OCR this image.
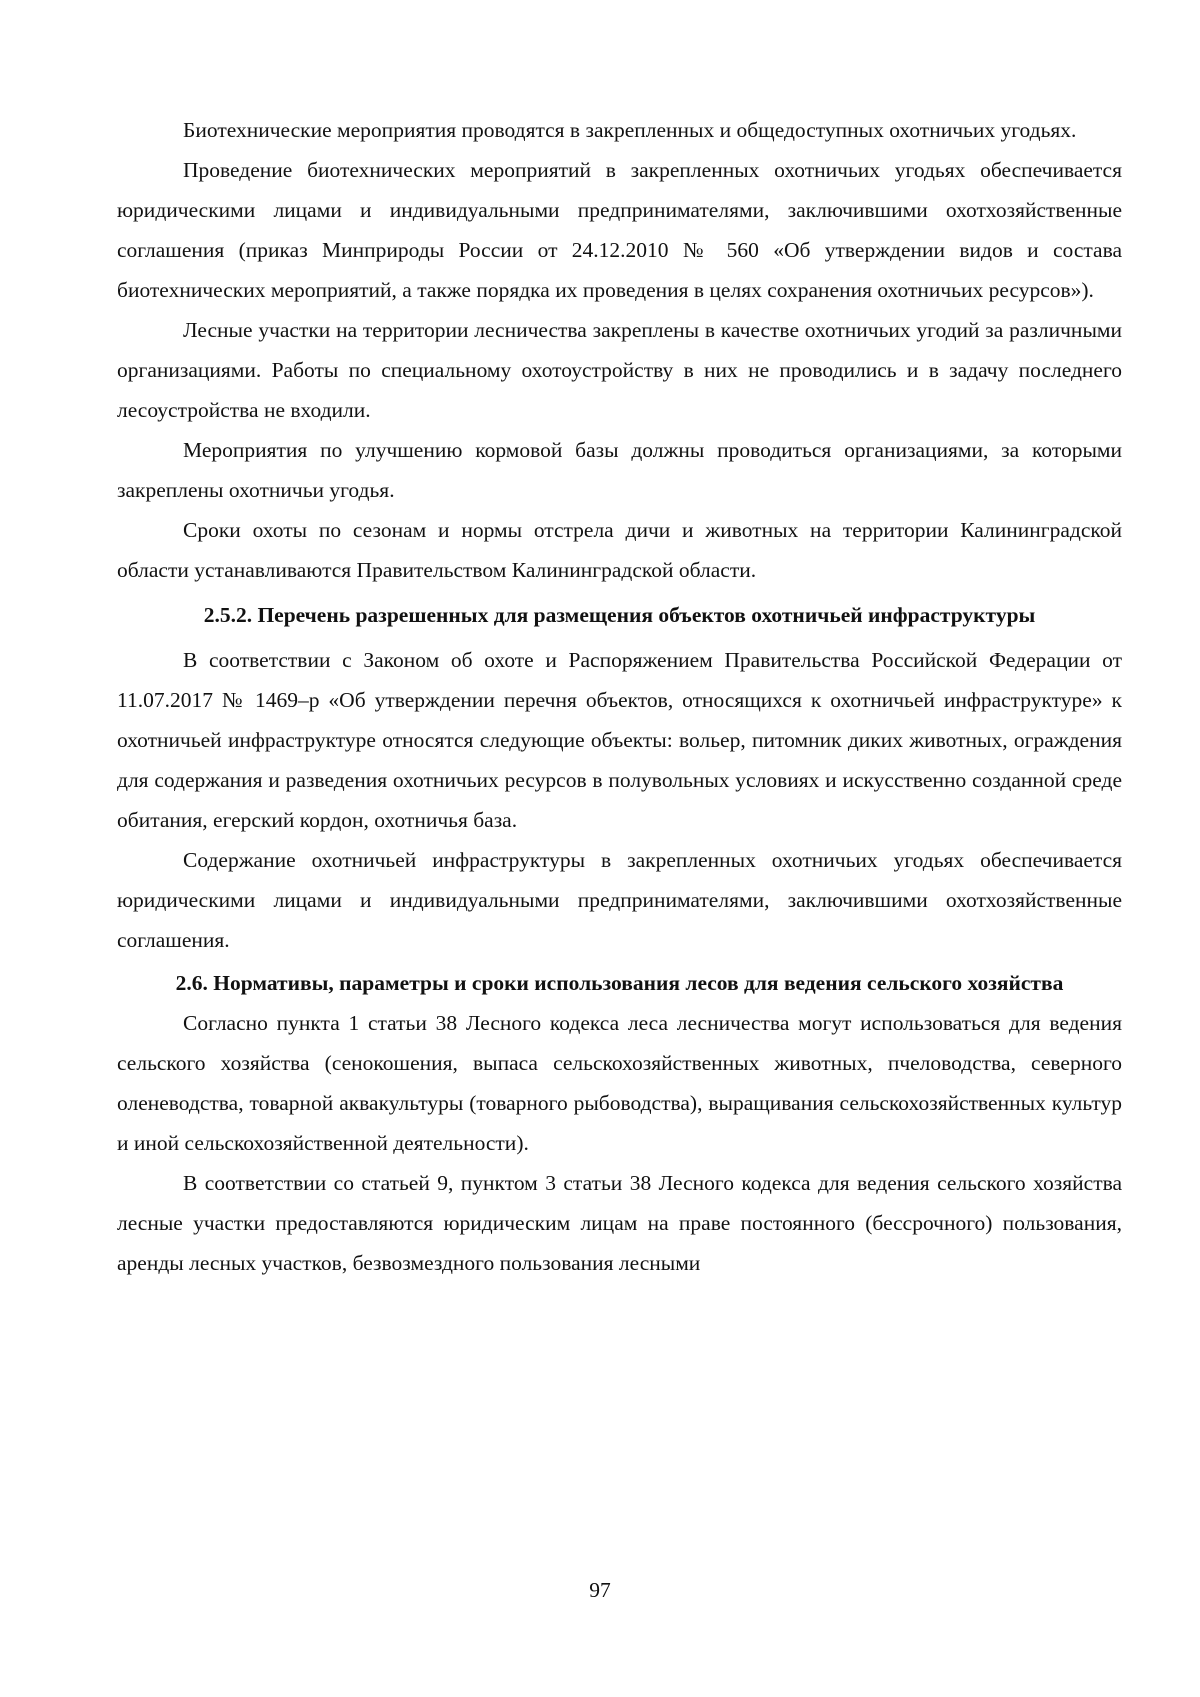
Биотехнические мероприятия проводятся в закрепленных и общедоступных охотничьих угодьях.

Проведение биотехнических мероприятий в закрепленных охотничьих угодьях обеспечивается юридическими лицами и индивидуальными предпринимателями, заключившими охотхозяйственные соглашения (приказ Минприроды России от 24.12.2010 № 560 «Об утверждении видов и состава биотехнических мероприятий, а также порядка их проведения в целях сохранения охотничьих ресурсов»).

Лесные участки на территории лесничества закреплены в качестве охотничьих угодий за различными организациями. Работы по специальному охотоустройству в них не проводились и в задачу последнего лесоустройства не входили.

Мероприятия по улучшению кормовой базы должны проводиться организациями, за которыми закреплены охотничьи угодья.

Сроки охоты по сезонам и нормы отстрела дичи и животных на территории Калининградской области устанавливаются Правительством Калининградской области.

2.5.2. Перечень разрешенных для размещения объектов охотничьей инфраструктуры

В соответствии с Законом об охоте и Распоряжением Правительства Российской Федерации от 11.07.2017 № 1469–р «Об утверждении перечня объектов, относящихся к охотничьей инфраструктуре» к охотничьей инфраструктуре относятся следующие объекты: вольер, питомник диких животных, ограждения для содержания и разведения охотничьих ресурсов в полувольных условиях и искусственно созданной среде обитания, егерский кордон, охотничья база.

Содержание охотничьей инфраструктуры в закрепленных охотничьих угодьях обеспечивается юридическими лицами и индивидуальными предпринимателями, заключившими охотхозяйственные соглашения.

2.6. Нормативы, параметры и сроки использования лесов для ведения сельского хозяйства

Согласно пункта 1 статьи 38 Лесного кодекса леса лесничества могут использоваться для ведения сельского хозяйства (сенокошения, выпаса сельскохозяйственных животных, пчеловодства, северного оленеводства, товарной аквакультуры (товарного рыбоводства), выращивания сельскохозяйственных культур и иной сельскохозяйственной деятельности).

В соответствии со статьей 9, пунктом 3 статьи 38 Лесного кодекса для ведения сельского хозяйства лесные участки предоставляются юридическим лицам на праве постоянного (бессрочного) пользования, аренды лесных участков, безвозмездного пользования лесными

97
